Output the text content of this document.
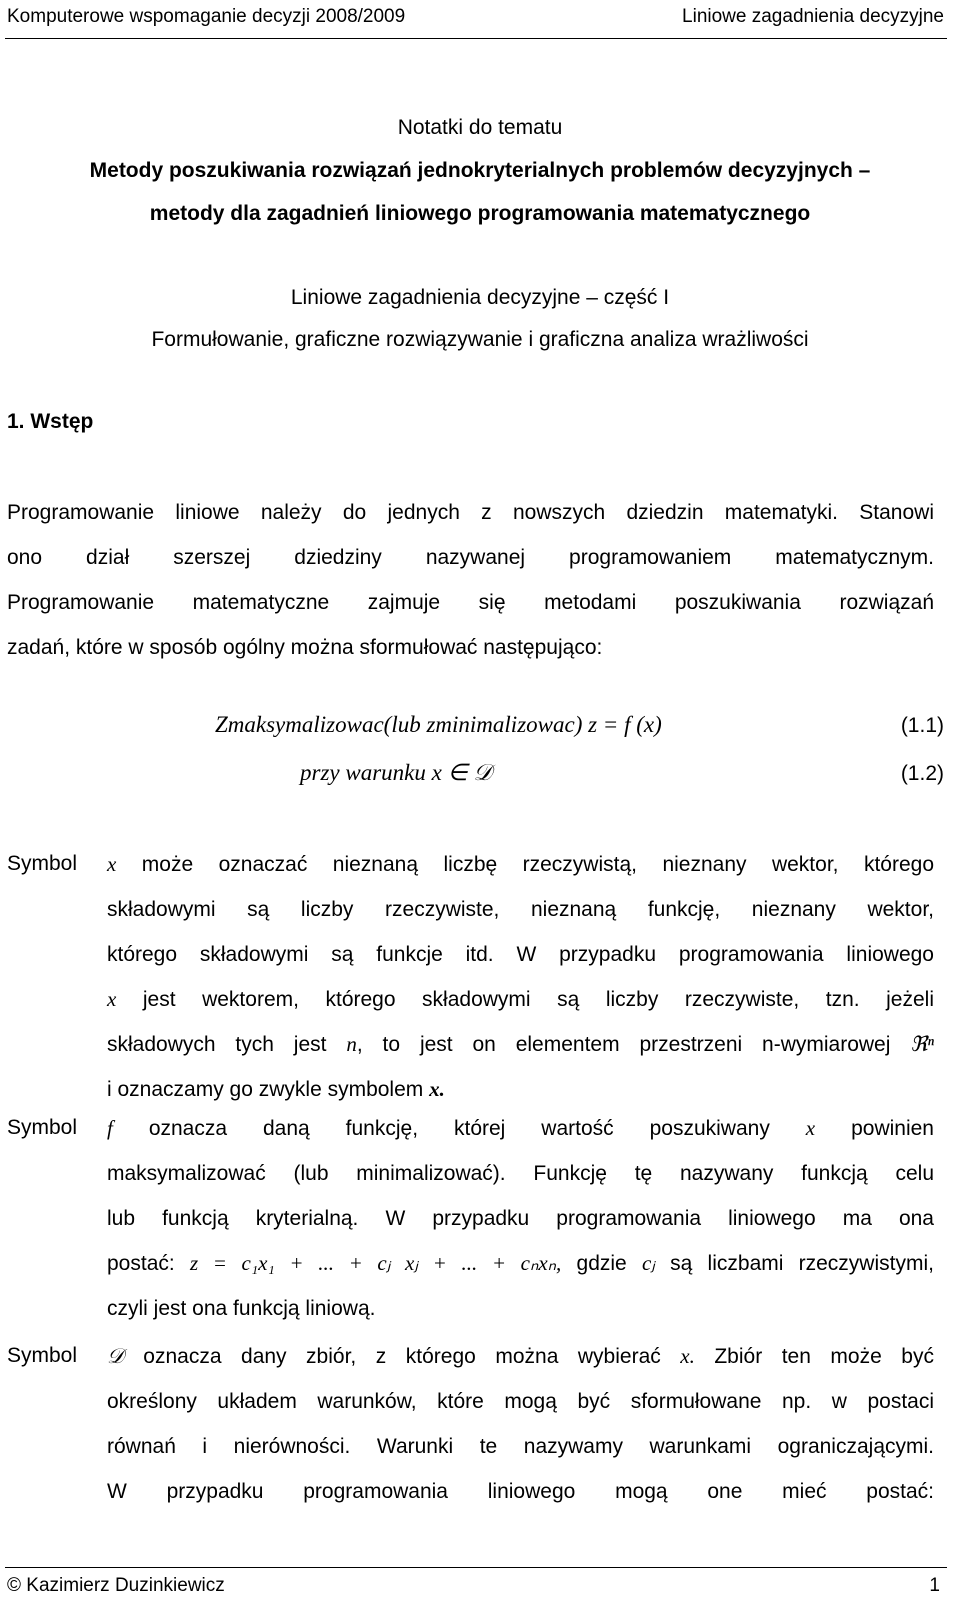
Komputerowe wspomaganie decyzji 2008/2009	Liniowe zagadnienia decyzyjne
Notatki do tematu
Metody poszukiwania rozwiązań jednokryterialnych problemów decyzyjnych –
metody dla zagadnień liniowego programowania matematycznego
Liniowe zagadnienia decyzyjne – część I
Formułowanie, graficzne rozwiązywanie i graficzna analiza wrażliwości
1. Wstęp

Programowanie liniowe należy do jednych z nowszych dziedzin matematyki. Stanowi

ono dział szerszej dziedziny nazywanej programowaniem matematycznym.

Programowanie matematyczne zajmuje się metodami poszukiwania rozwiązań

zadań, które w sposób ogólny można sformułować następująco:

Zmaksymalizowac(lub zminimalizowac) z = f (x)	(1.1)
przy warunku x ∈ 𝒟	(1.2)
Symbol x może oznaczać nieznaną liczbę rzeczywistą, nieznany wektor, którego
składowymi są liczby rzeczywiste, nieznaną funkcję, nieznany wektor,
którego składowymi są funkcje itd. W przypadku programowania liniowego
x jest wektorem, którego składowymi są liczby rzeczywiste, tzn. jeżeli
składowych tych jest n, to jest on elementem przestrzeni n-wymiarowej ℜⁿ
i oznaczamy go zwykle symbolem x.
Symbol f oznacza daną funkcję, której wartość poszukiwany x powinien
maksymalizować (lub minimalizować). Funkcję tę nazywany funkcją celu
lub funkcją kryterialną. W przypadku programowania liniowego ma ona
postać: z = c₁x₁ + ... + cⱼ xⱼ + ... + cₙxₙ, gdzie cⱼ są liczbami rzeczywistymi,
czyli jest ona funkcją liniową.
Symbol 𝒟 oznacza dany zbiór, z którego można wybierać x. Zbiór ten może być
określony układem warunków, które mogą być sformułowane np. w postaci
równań i nierówności. Warunki te nazywamy warunkami ograniczającymi.
W przypadku programowania liniowego mogą one mieć postać:
© Kazimierz Duzinkiewicz	1
